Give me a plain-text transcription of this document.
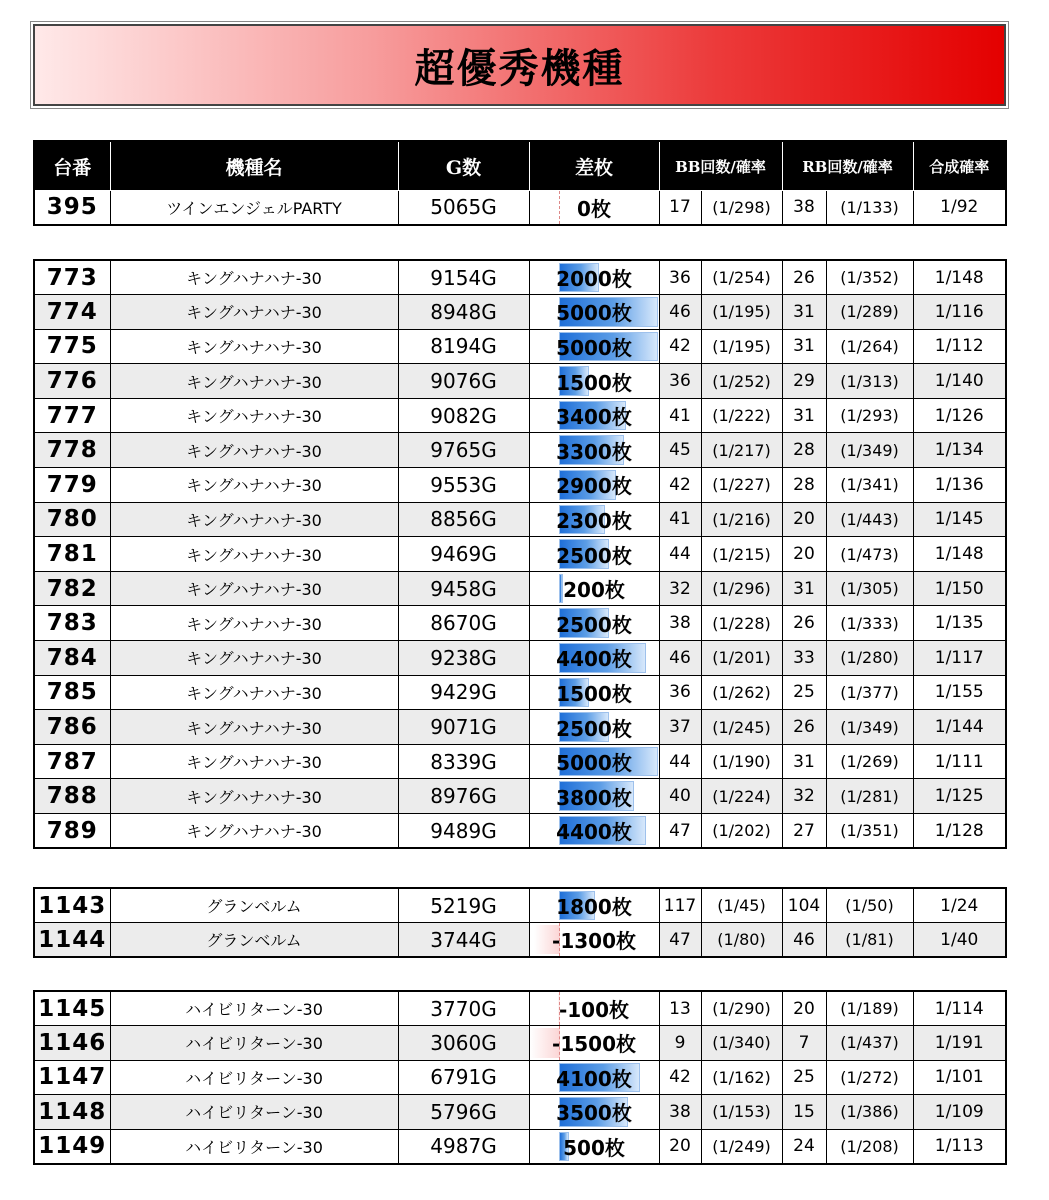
超優秀機種
台番	機種名	G数	差枚	BB回数/確率		RB回数/確率		合成確率
395	ツインエンジェルPARTY	5065G	0枚	17	(1/298)	38	(1/133)	1/92
773	キングハナハナ-30	9154G	2000枚	36	(1/254)	26	(1/352)	1/148
774	キングハナハナ-30	8948G	5000枚	46	(1/195)	31	(1/289)	1/116
775	キングハナハナ-30	8194G	5000枚	42	(1/195)	31	(1/264)	1/112
776	キングハナハナ-30	9076G	1500枚	36	(1/252)	29	(1/313)	1/140
777	キングハナハナ-30	9082G	3400枚	41	(1/222)	31	(1/293)	1/126
778	キングハナハナ-30	9765G	3300枚	45	(1/217)	28	(1/349)	1/134
779	キングハナハナ-30	9553G	2900枚	42	(1/227)	28	(1/341)	1/136
780	キングハナハナ-30	8856G	2300枚	41	(1/216)	20	(1/443)	1/145
781	キングハナハナ-30	9469G	2500枚	44	(1/215)	20	(1/473)	1/148
782	キングハナハナ-30	9458G	200枚	32	(1/296)	31	(1/305)	1/150
783	キングハナハナ-30	8670G	2500枚	38	(1/228)	26	(1/333)	1/135
784	キングハナハナ-30	9238G	4400枚	46	(1/201)	33	(1/280)	1/117
785	キングハナハナ-30	9429G	1500枚	36	(1/262)	25	(1/377)	1/155
786	キングハナハナ-30	9071G	2500枚	37	(1/245)	26	(1/349)	1/144
787	キングハナハナ-30	8339G	5000枚	44	(1/190)	31	(1/269)	1/111
788	キングハナハナ-30	8976G	3800枚	40	(1/224)	32	(1/281)	1/125
789	キングハナハナ-30	9489G	4400枚	47	(1/202)	27	(1/351)	1/128
1143	グランベルム	5219G	1800枚	117	(1/45)	104	(1/50)	1/24
1144	グランベルム	3744G	-1300枚	47	(1/80)	46	(1/81)	1/40
1145	ハイビリターン-30	3770G	-100枚	13	(1/290)	20	(1/189)	1/114
1146	ハイビリターン-30	3060G	-1500枚	9	(1/340)	7	(1/437)	1/191
1147	ハイビリターン-30	6791G	4100枚	42	(1/162)	25	(1/272)	1/101
1148	ハイビリターン-30	5796G	3500枚	38	(1/153)	15	(1/386)	1/109
1149	ハイビリターン-30	4987G	500枚	20	(1/249)	24	(1/208)	1/113
